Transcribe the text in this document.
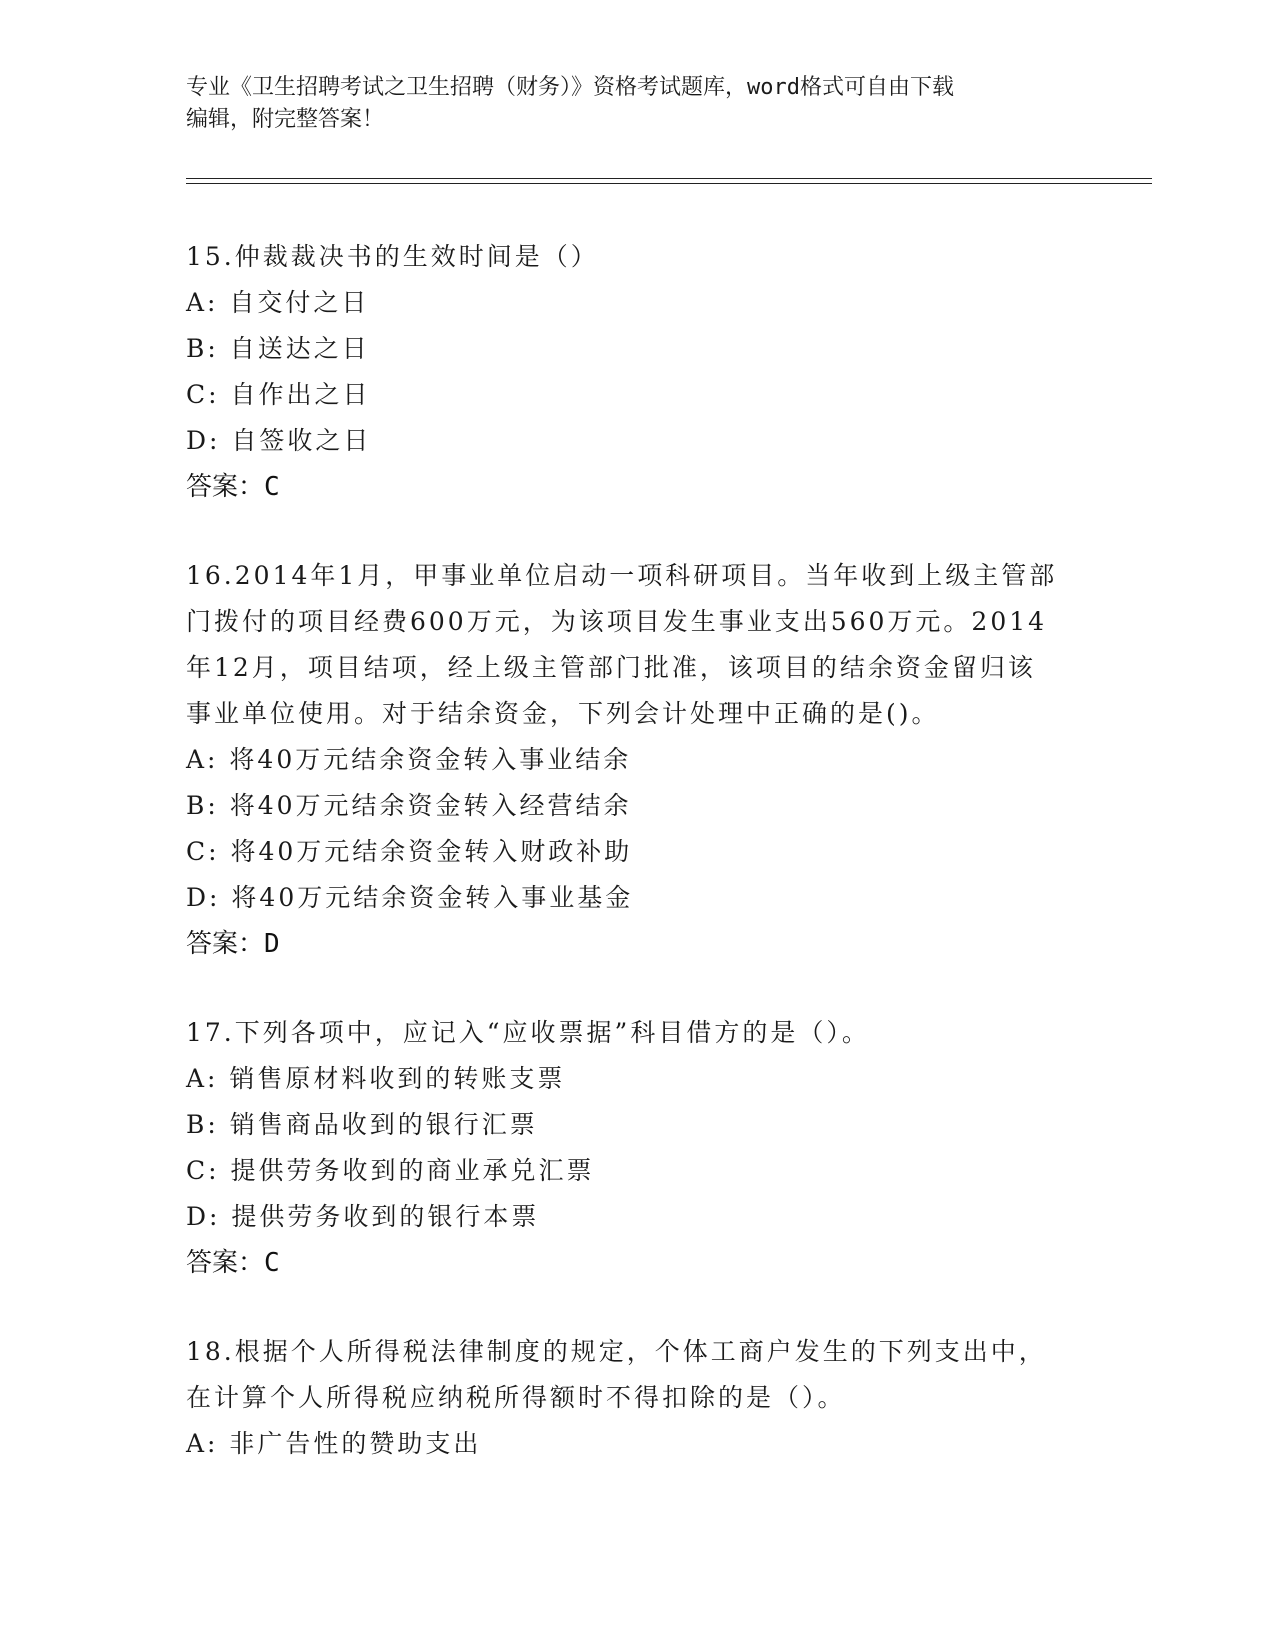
专业《卫生招聘考试之卫生招聘（财务）》资格考试题库，word格式可自由下载
编辑，附完整答案！
15.仲裁裁决书的生效时间是（）
A: 自交付之日
B: 自送达之日
C: 自作出之日
D: 自签收之日
答案：C
16.2014年1月，甲事业单位启动一项科研项目。当年收到上级主管部
门拨付的项目经费600万元，为该项目发生事业支出560万元。2014
年12月，项目结项，经上级主管部门批准，该项目的结余资金留归该
事业单位使用。对于结余资金，下列会计处理中正确的是()。
A: 将40万元结余资金转入事业结余
B: 将40万元结余资金转入经营结余
C: 将40万元结余资金转入财政补助
D: 将40万元结余资金转入事业基金
答案：D
17.下列各项中，应记入“应收票据”科目借方的是（）。
A: 销售原材料收到的转账支票
B: 销售商品收到的银行汇票
C: 提供劳务收到的商业承兑汇票
D: 提供劳务收到的银行本票
答案：C
18.根据个人所得税法律制度的规定，个体工商户发生的下列支出中，
在计算个人所得税应纳税所得额时不得扣除的是（）。
A: 非广告性的赞助支出
